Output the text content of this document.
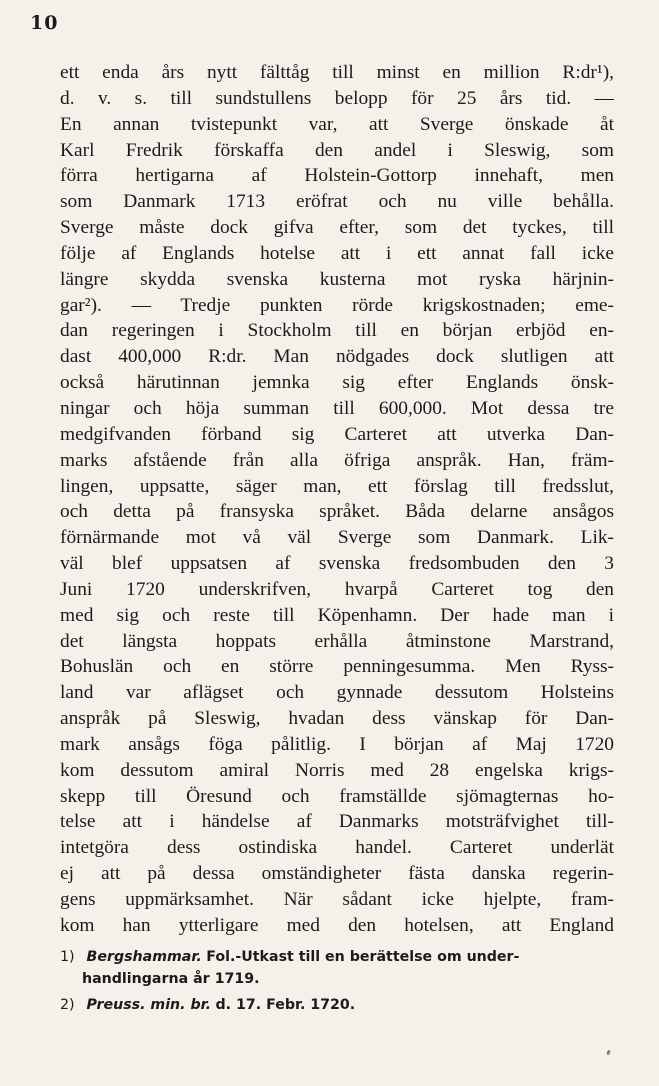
10
ett enda års nytt fälttåg till minst en million R:dr¹),
d. v. s. till sundstullens belopp för 25 års tid. —
En annan tvistepunkt var, att Sverge önskade åt
Karl Fredrik förskaffa den andel i Sleswig, som
förra hertigarna af Holstein-Gottorp innehaft, men
som Danmark 1713 eröfrat och nu ville behålla.
Sverge måste dock gifva efter, som det tyckes, till
följe af Englands hotelse att i ett annat fall icke
längre skydda svenska kusterna mot ryska härjnin-
gar²). — Tredje punkten rörde krigskostnaden; eme-
dan regeringen i Stockholm till en början erbjöd en-
dast 400,000 R:dr. Man nödgades dock slutligen att
också härutinnan jemnka sig efter Englands önsk-
ningar och höja summan till 600,000. Mot dessa tre
medgifvanden förband sig Carteret att utverka Dan-
marks afstående från alla öfriga anspråk. Han, främ-
lingen, uppsatte, säger man, ett förslag till fredsslut,
och detta på fransyska språket. Båda delarne ansågos
förnärmande mot vå väl Sverge som Danmark. Lik-
väl blef uppsatsen af svenska fredsombuden den 3
Juni 1720 underskrifven, hvarpå Carteret tog den
med sig och reste till Köpenhamn. Der hade man i
det längsta hoppats erhålla åtminstone Marstrand,
Bohuslän och en större penningesumma. Men Ryss-
land var aflägset och gynnade dessutom Holsteins
anspråk på Sleswig, hvadan dess vänskap för Dan-
mark ansågs föga pålitlig. I början af Maj 1720
kom dessutom amiral Norris med 28 engelska krigs-
skepp till Öresund och framställde sjömagternas ho-
telse att i händelse af Danmarks motsträfvighet till-
intetgöra dess ostindiska handel. Carteret underlät
ej att på dessa omständigheter fästa danska regerin-
gens uppmärksamhet. När sådant icke hjelpte, fram-
kom han ytterligare med den hotelsen, att England
1) Bergshammar. Fol.-Utkast till en berättelse om under-
handlingarna år 1719.
2) Preuss. min. br. d. 17. Febr. 1720.
